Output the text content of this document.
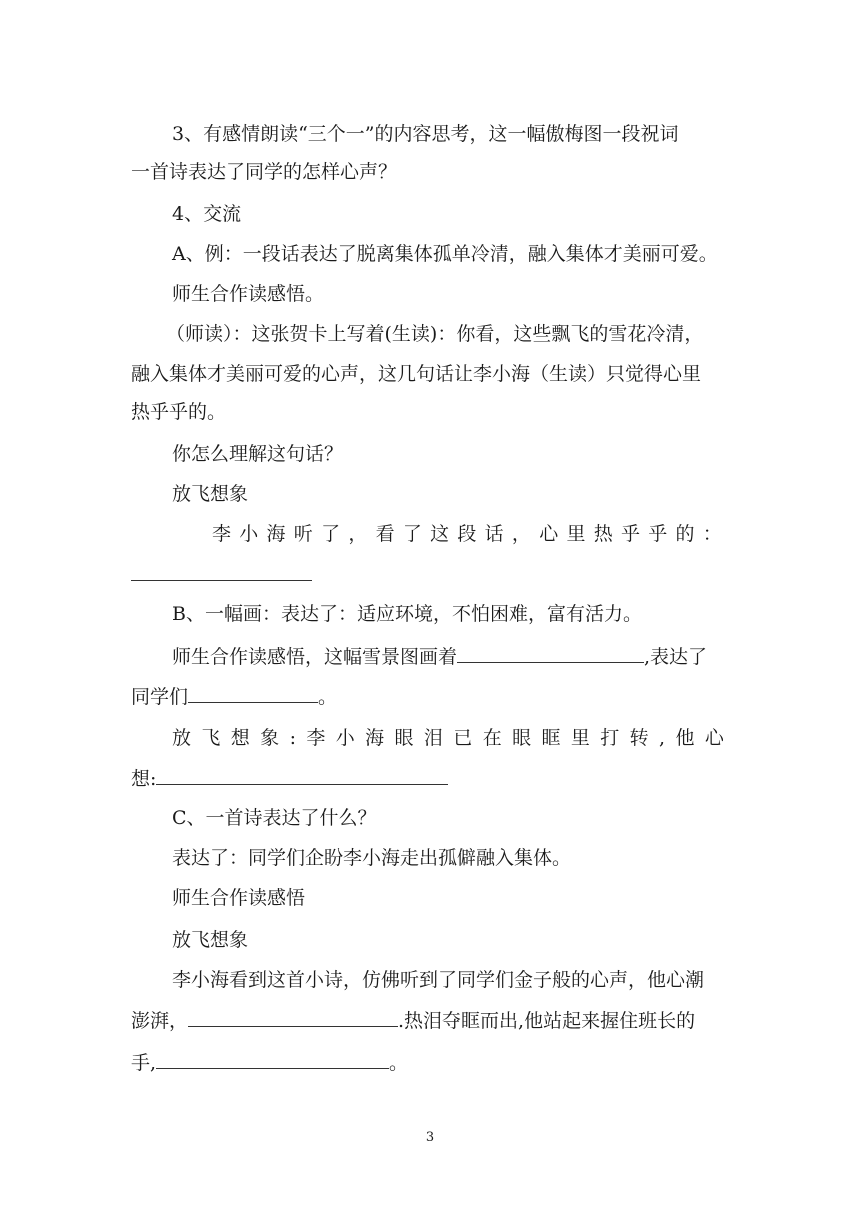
3、有感情朗读“三个一”的内容思考，这一幅傲梅图一段祝词
一首诗表达了同学的怎样心声？
4、交流
A、例：一段话表达了脱离集体孤单冷清，融入集体才美丽可爱。
师生合作读感悟。
（师读）：这张贺卡上写着(生读)：你看，这些飘飞的雪花冷清，
融入集体才美丽可爱的心声，这几句话让李小海（生读）只觉得心里
热乎乎的。
你怎么理解这句话？
放飞想象
李 小 海 听 了 ， 看 了 这 段 话 ， 心 里 热 乎 乎 的 ：
B、一幅画：表达了：适应环境，不怕困难，富有活力。
师生合作读感悟，这幅雪景图画着	,表达了
同学们	。
放 飞 想 象 : 李 小 海 眼 泪 已 在 眼 眶 里 打 转 , 他 心
想:
C、一首诗表达了什么？
表达了：同学们企盼李小海走出孤僻融入集体。
师生合作读感悟
放飞想象
李小海看到这首小诗，仿佛听到了同学们金子般的心声，他心潮
澎湃，	.热泪夺眶而出,他站起来握住班长的
手,	。
3
